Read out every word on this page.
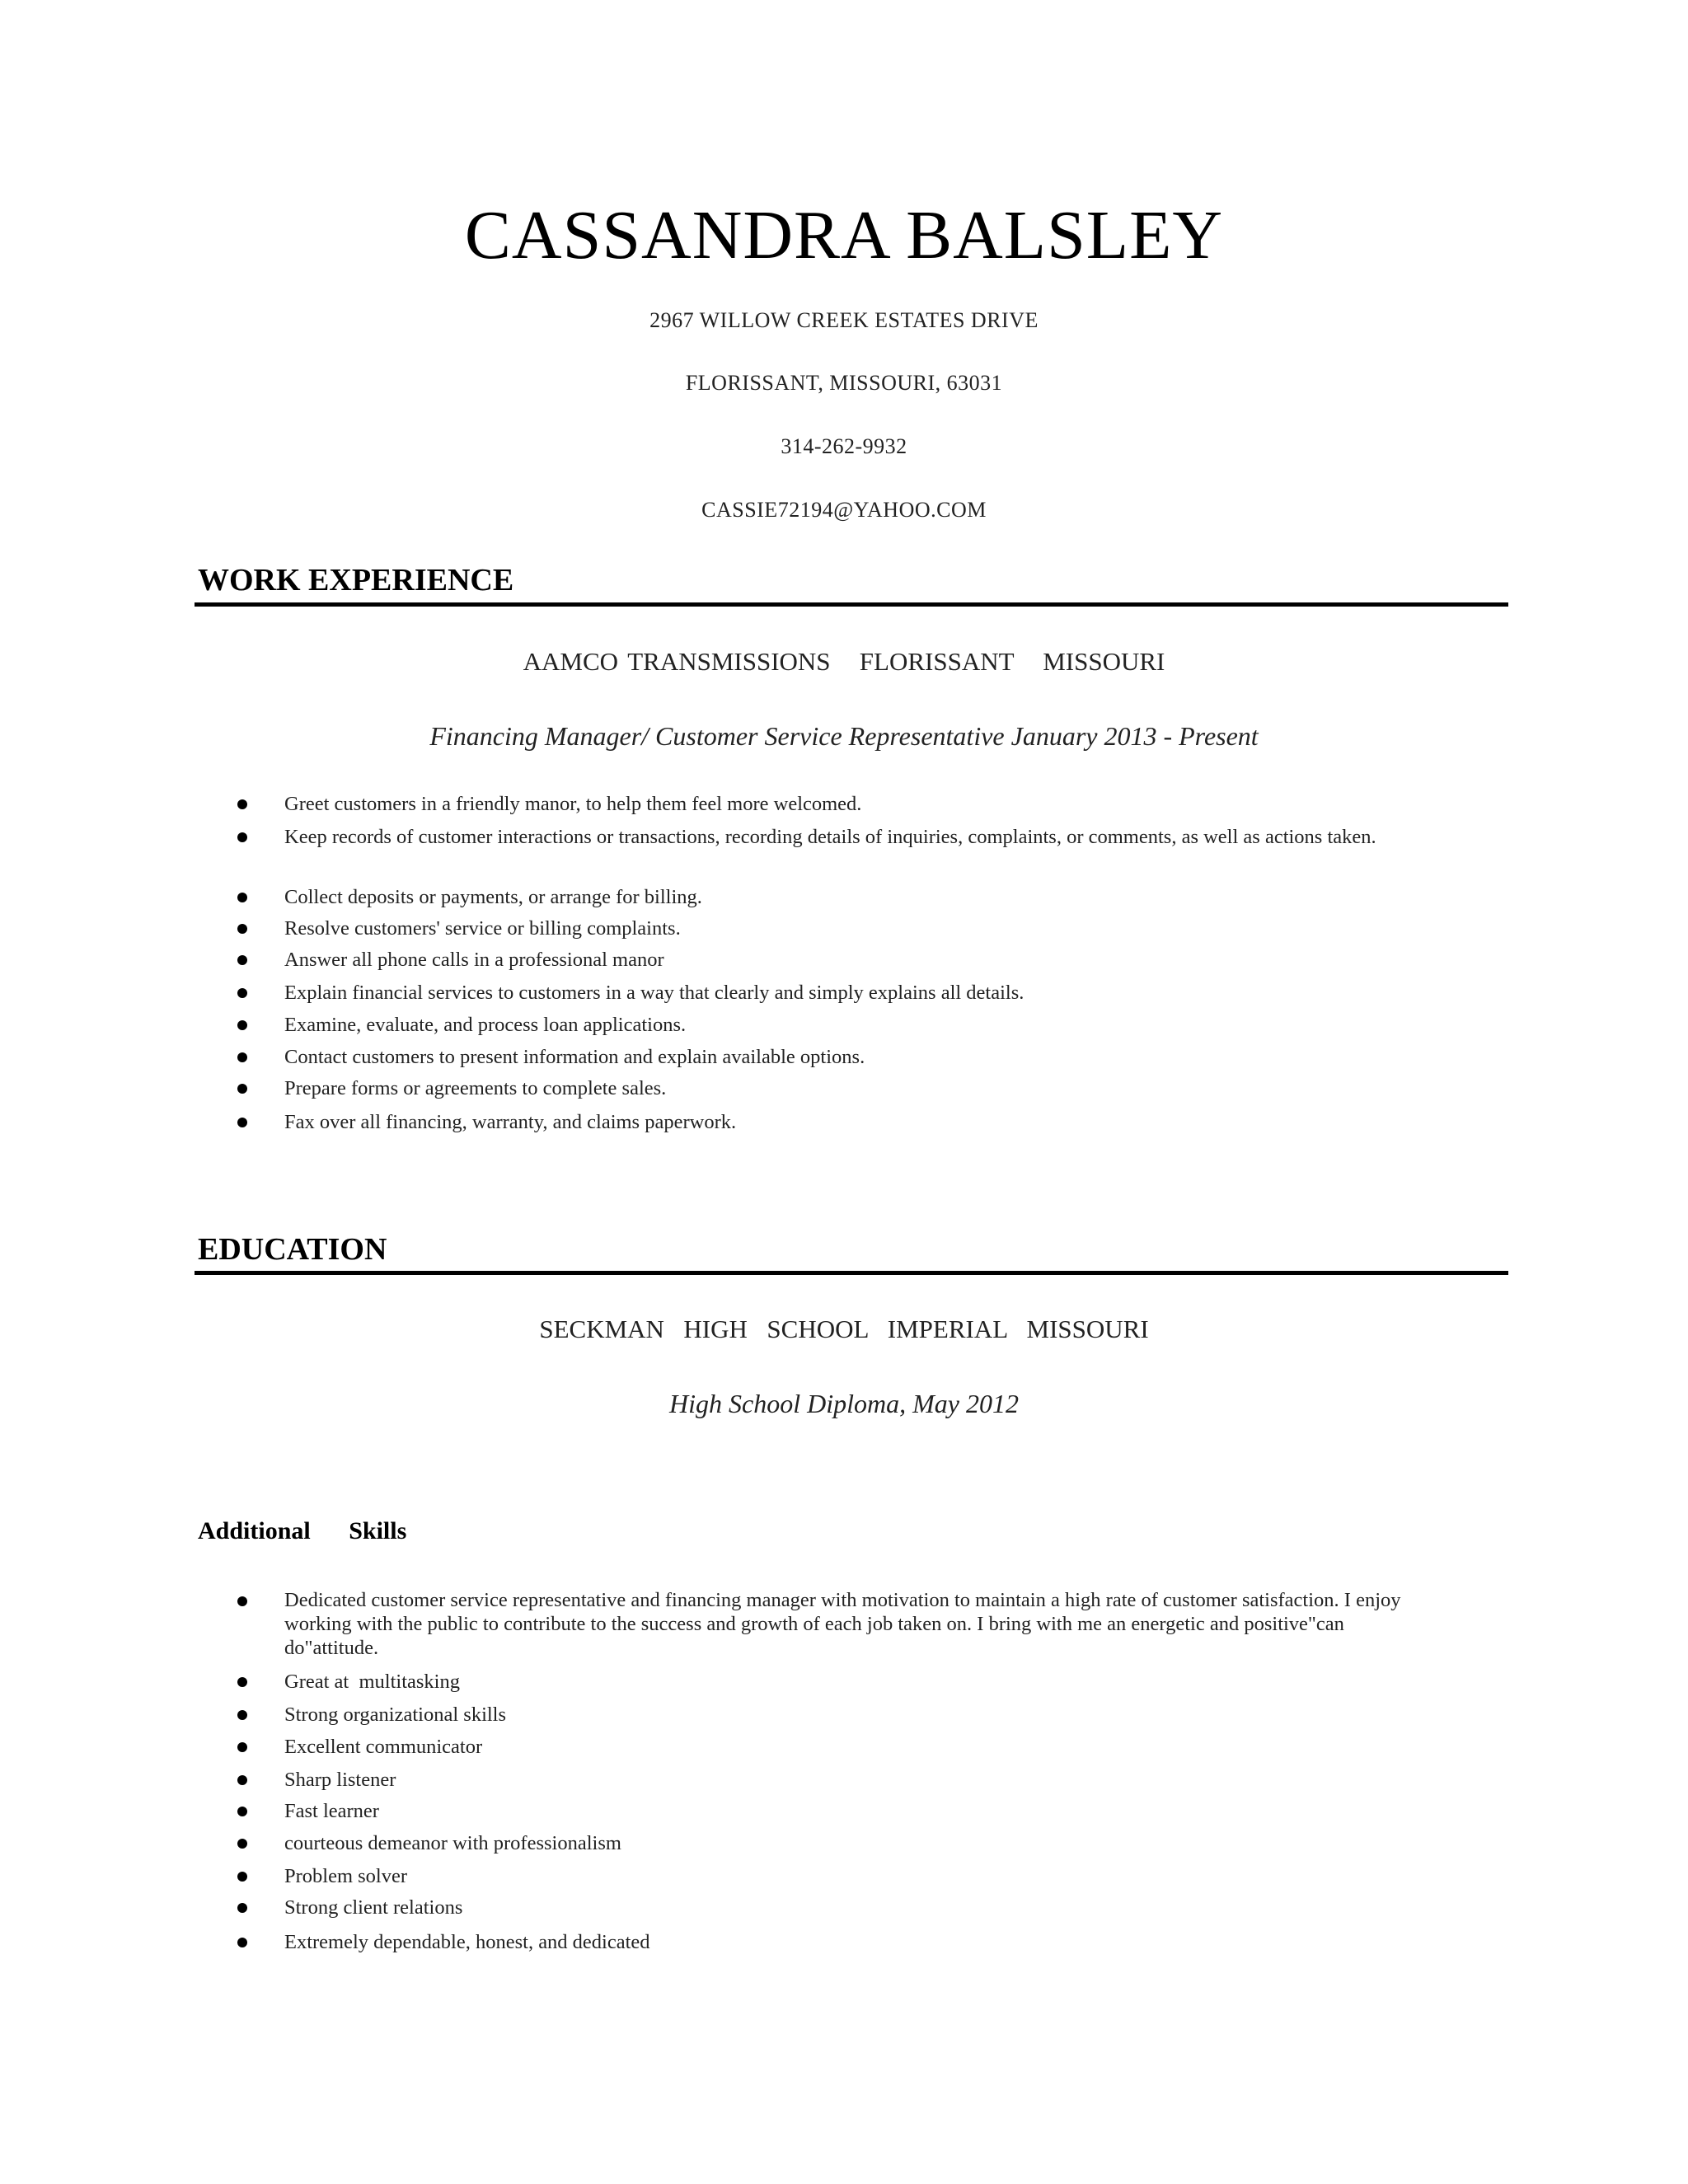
CASSANDRA BALSLEY
2967 WILLOW CREEK ESTATES DRIVE
FLORISSANT, MISSOURI, 63031
314-262-9932
CASSIE72194@YAHOO.COM
WORK EXPERIENCE
AAMCO TRANSMISSIONS   FLORISSANT   MISSOURI
Financing Manager/ Customer Service Representative January 2013 - Present
Greet customers in a friendly manor, to help them feel more welcomed.
Keep records of customer interactions or transactions, recording details of inquiries, complaints, or comments, as well as actions taken.
Collect deposits or payments, or arrange for billing.
Resolve customers' service or billing complaints.
Answer all phone calls in a professional manor
Explain financial services to customers in a way that clearly and simply explains all details.
Examine, evaluate, and process loan applications.
Contact customers to present information and explain available options.
Prepare forms or agreements to complete sales.
Fax over all financing, warranty, and claims paperwork.
EDUCATION
SECKMAN  HIGH  SCHOOL  IMPERIAL  MISSOURI
High School Diploma, May 2012
Additional   Skills
Dedicated customer service representative and financing manager with motivation to maintain a high rate of customer satisfaction. I enjoy working with the public to contribute to the success and growth of each job taken on. I bring with me an energetic and positive"can do"attitude.
Great at  multitasking
Strong organizational skills
Excellent communicator
Sharp listener
Fast learner
courteous demeanor with professionalism
Problem solver
Strong client relations
Extremely dependable, honest, and dedicated
